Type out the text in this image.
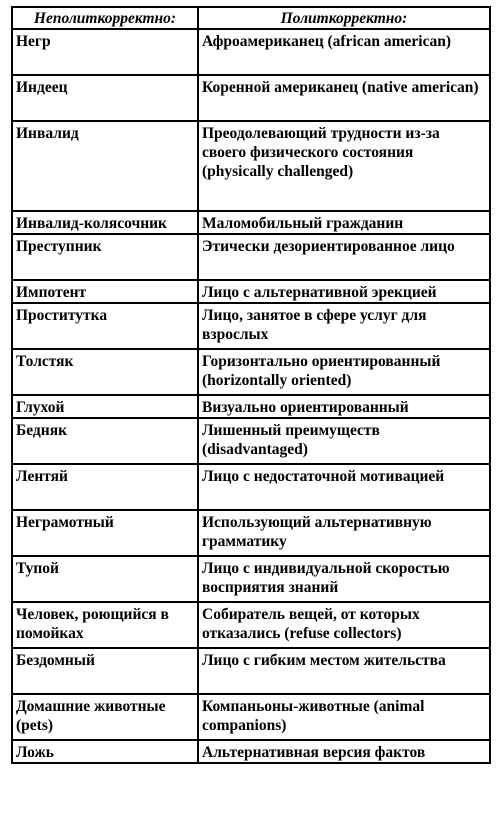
Неполиткорректно:	Политкорректно:
Негр	Афроамериканец (african american)
Индеец	Коренной американец (native american)
Инвалид	Преодолевающий трудности из-за своего физического состояния (physically challenged)
Инвалид-колясочник	Маломобильный гражданин
Преступник	Этически дезориентированное лицо
Импотент	Лицо с альтернативной эрекцией
Проститутка	Лицо, занятое в сфере услуг для взрослых
Толстяк	Горизонтально ориентированный (horizontally oriented)
Глухой	Визуально ориентированный
Бедняк	Лишенный преимуществ (disadvantaged)
Лентяй	Лицо с недостаточной мотивацией
Неграмотный	Использующий альтернативную грамматику
Тупой	Лицо с индивидуальной скоростью восприятия знаний
Человек, роющийся в помойках	Собиратель вещей, от которых отказались (refuse collectors)
Бездомный	Лицо с гибким местом жительства
Домашние животные (pets)	Компаньоны-животные (animal companions)
Ложь	Альтернативная версия фактов
